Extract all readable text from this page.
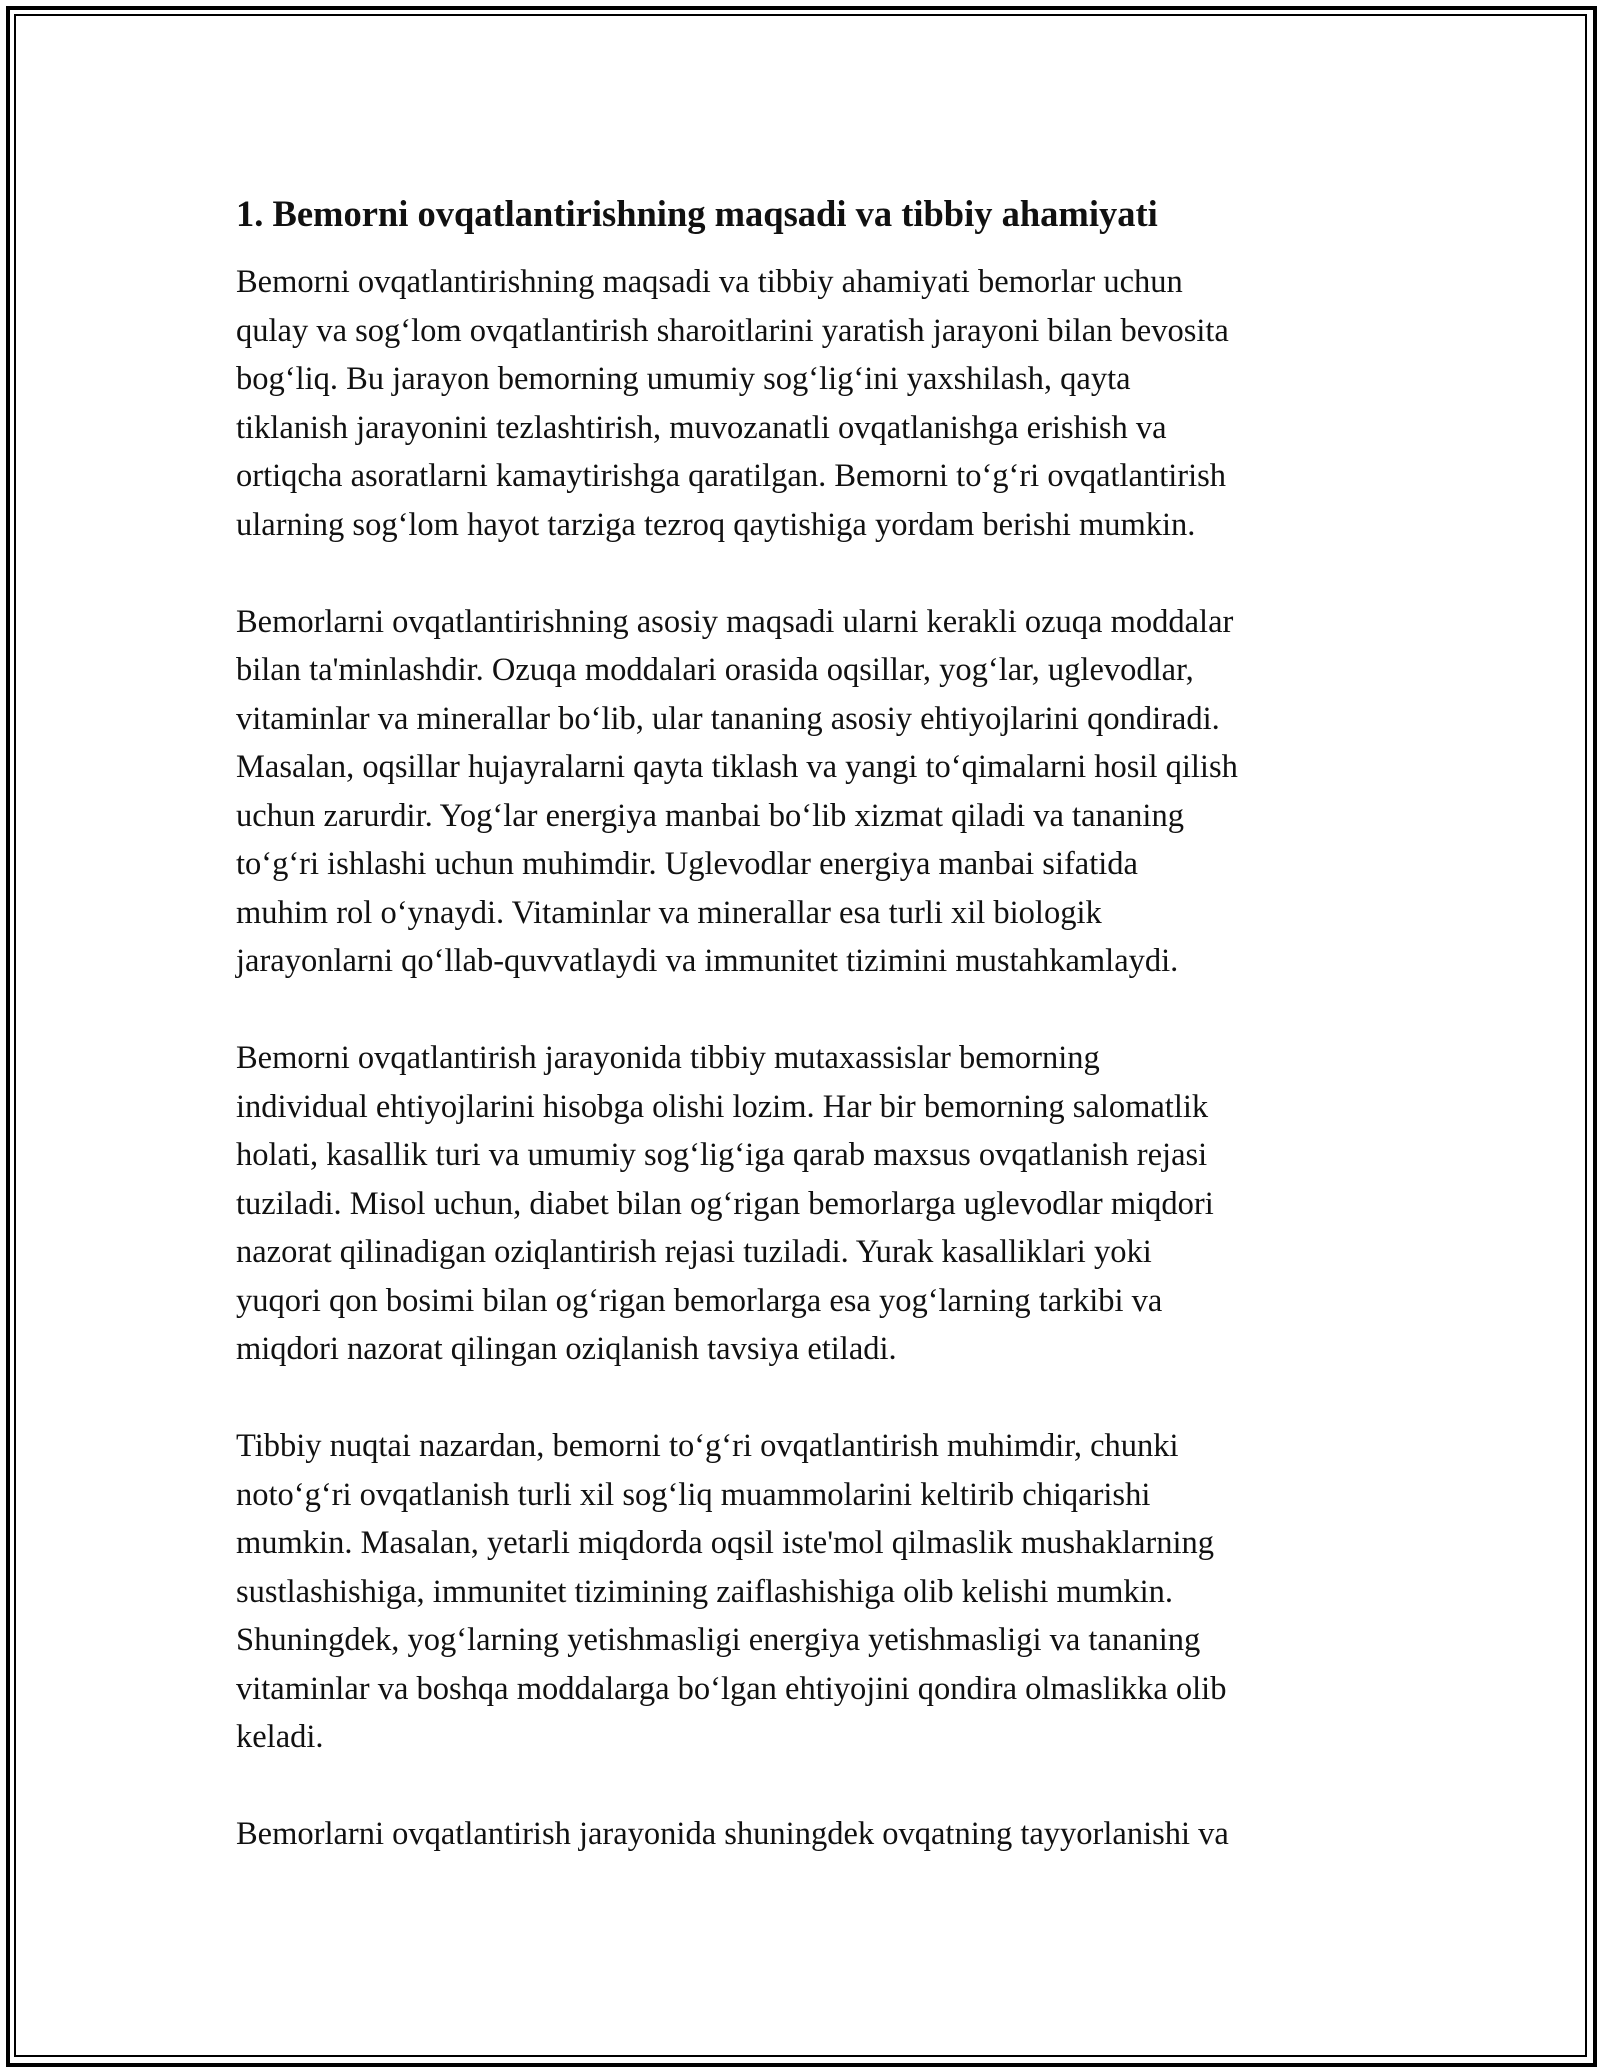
1. Bemorni ovqatlantirishning maqsadi va tibbiy ahamiyati

Bemorni ovqatlantirishning maqsadi va tibbiy ahamiyati bemorlar uchun
qulay va sog‘lom ovqatlantirish sharoitlarini yaratish jarayoni bilan bevosita
bog‘liq. Bu jarayon bemorning umumiy sog‘lig‘ini yaxshilash, qayta
tiklanish jarayonini tezlashtirish, muvozanatli ovqatlanishga erishish va
ortiqcha asoratlarni kamaytirishga qaratilgan. Bemorni to‘g‘ri ovqatlantirish
ularning sog‘lom hayot tarziga tezroq qaytishiga yordam berishi mumkin.

Bemorlarni ovqatlantirishning asosiy maqsadi ularni kerakli ozuqa moddalar
bilan ta'minlashdir. Ozuqa moddalari orasida oqsillar, yog‘lar, uglevodlar,
vitaminlar va minerallar bo‘lib, ular tananing asosiy ehtiyojlarini qondiradi.
Masalan, oqsillar hujayralarni qayta tiklash va yangi to‘qimalarni hosil qilish
uchun zarurdir. Yog‘lar energiya manbai bo‘lib xizmat qiladi va tananing
to‘g‘ri ishlashi uchun muhimdir. Uglevodlar energiya manbai sifatida
muhim rol o‘ynaydi. Vitaminlar va minerallar esa turli xil biologik
jarayonlarni qo‘llab-quvvatlaydi va immunitet tizimini mustahkamlaydi.

Bemorni ovqatlantirish jarayonida tibbiy mutaxassislar bemorning
individual ehtiyojlarini hisobga olishi lozim. Har bir bemorning salomatlik
holati, kasallik turi va umumiy sog‘lig‘iga qarab maxsus ovqatlanish rejasi
tuziladi. Misol uchun, diabet bilan og‘rigan bemorlarga uglevodlar miqdori
nazorat qilinadigan oziqlantirish rejasi tuziladi. Yurak kasalliklari yoki
yuqori qon bosimi bilan og‘rigan bemorlarga esa yog‘larning tarkibi va
miqdori nazorat qilingan oziqlanish tavsiya etiladi.

Tibbiy nuqtai nazardan, bemorni to‘g‘ri ovqatlantirish muhimdir, chunki
noto‘g‘ri ovqatlanish turli xil sog‘liq muammolarini keltirib chiqarishi
mumkin. Masalan, yetarli miqdorda oqsil iste'mol qilmaslik mushaklarning
sustlashishiga, immunitet tizimining zaiflashishiga olib kelishi mumkin.
Shuningdek, yog‘larning yetishmasligi energiya yetishmasligi va tananing
vitaminlar va boshqa moddalarga bo‘lgan ehtiyojini qondira olmaslikka olib
keladi.

Bemorlarni ovqatlantirish jarayonida shuningdek ovqatning tayyorlanishi va
